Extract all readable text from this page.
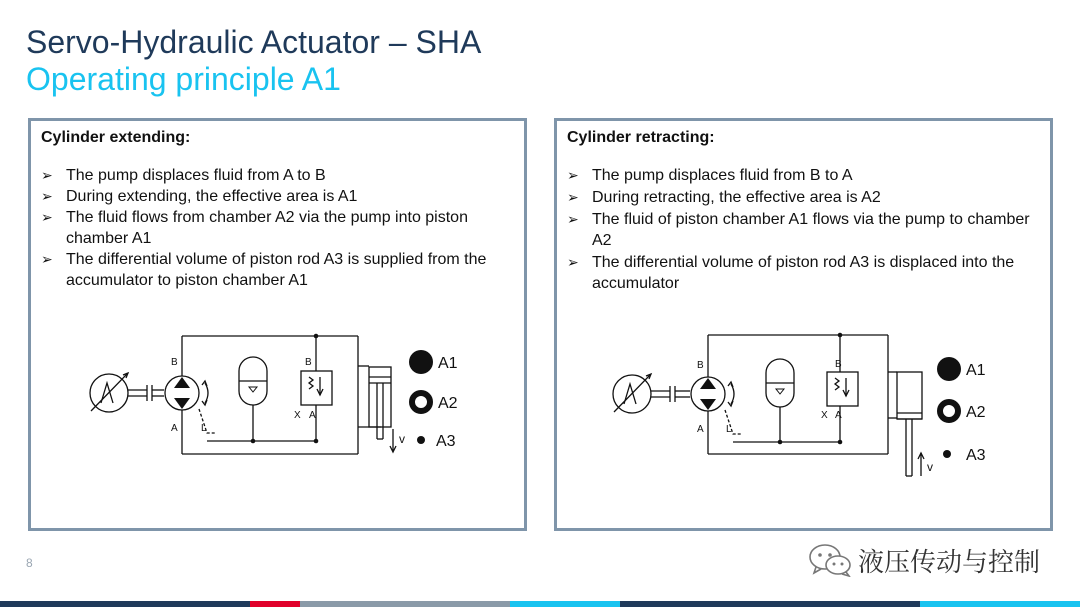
Servo-Hydraulic Actuator – SHA
Operating principle A1
Cylinder extending:
➢ The pump displaces fluid from A to B
➢ During extending, the effective area is A1
➢ The fluid flows from chamber A2 via the pump into piston chamber A1
➢ The differential volume of piston rod A3 is supplied from the accumulator to piston chamber A1
B
A L
B
X A
v
A1
A2
A3
Cylinder retracting:
➢ The pump displaces fluid from B to A
➢ During retracting, the effective area is A2
➢ The fluid of piston chamber A1 flows via the pump to chamber A2
➢ The differential volume of piston rod A3 is displaced into the accumulator
B
A L
B
X A
v
A1
A2
A3
8	液压传动与控制
